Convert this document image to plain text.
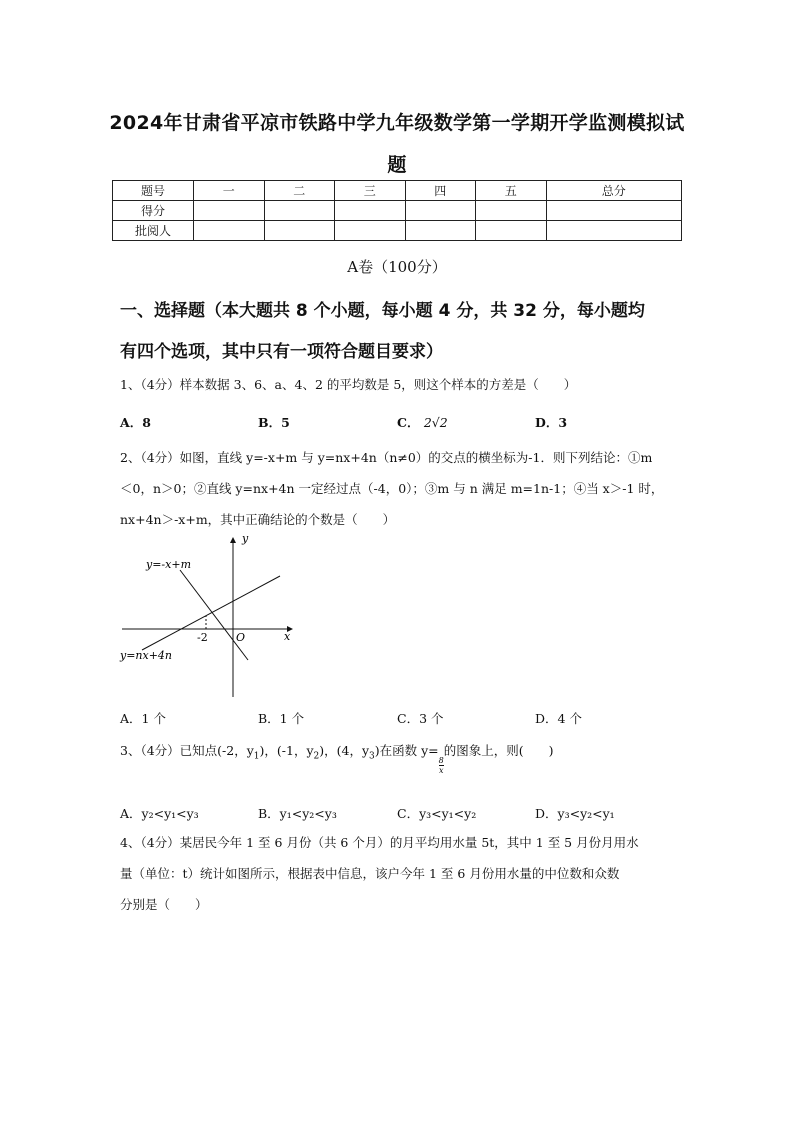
2024年甘肃省平凉市铁路中学九年级数学第一学期开学监测模拟试
题
题号	一	二	三	四	五	总分
得分						
批阅人						
A卷（100分）
一、选择题（本大题共 8 个小题，每小题 4 分，共 32 分，每小题均
有四个选项，其中只有一项符合题目要求）
1、（4分）样本数据 3、6、a、4、2 的平均数是 5，则这个样本的方差是（　　）
A．8	B．5	C． 2√2	D．3
2、（4分）如图，直线 y=-x+m 与 y=nx+4n（n≠0）的交点的横坐标为-1．则下列结论：①m
＜0，n＞0；②直线 y=nx+4n 一定经过点（-4，0）；③m 与 n 满足 m=1n-1；④当 x＞-1 时，
nx+4n＞-x+m，其中正确结论的个数是（　　）
y
x
O
-2
y=-x+m
y=nx+4n
A．1 个	B．1 个	C．3 个	D．4 个
3、（4分）已知点(-2，$y_1$)，(-1，$y_2$)，(4，$y_3$)在函数 y=
$\frac{8}{x}$
的图象上，则(　　)
A．y₂<y₁<y₃	B．y₁<y₂<y₃	C．y₃<y₁<y₂	D．y₃<y₂<y₁
4、（4分）某居民今年 1 至 6 月份（共 6 个月）的月平均用水量 5t，其中 1 至 5 月份月用水
量（单位：t）统计如图所示，根据表中信息，该户今年 1 至 6 月份用水量的中位数和众数
分别是（　　）
